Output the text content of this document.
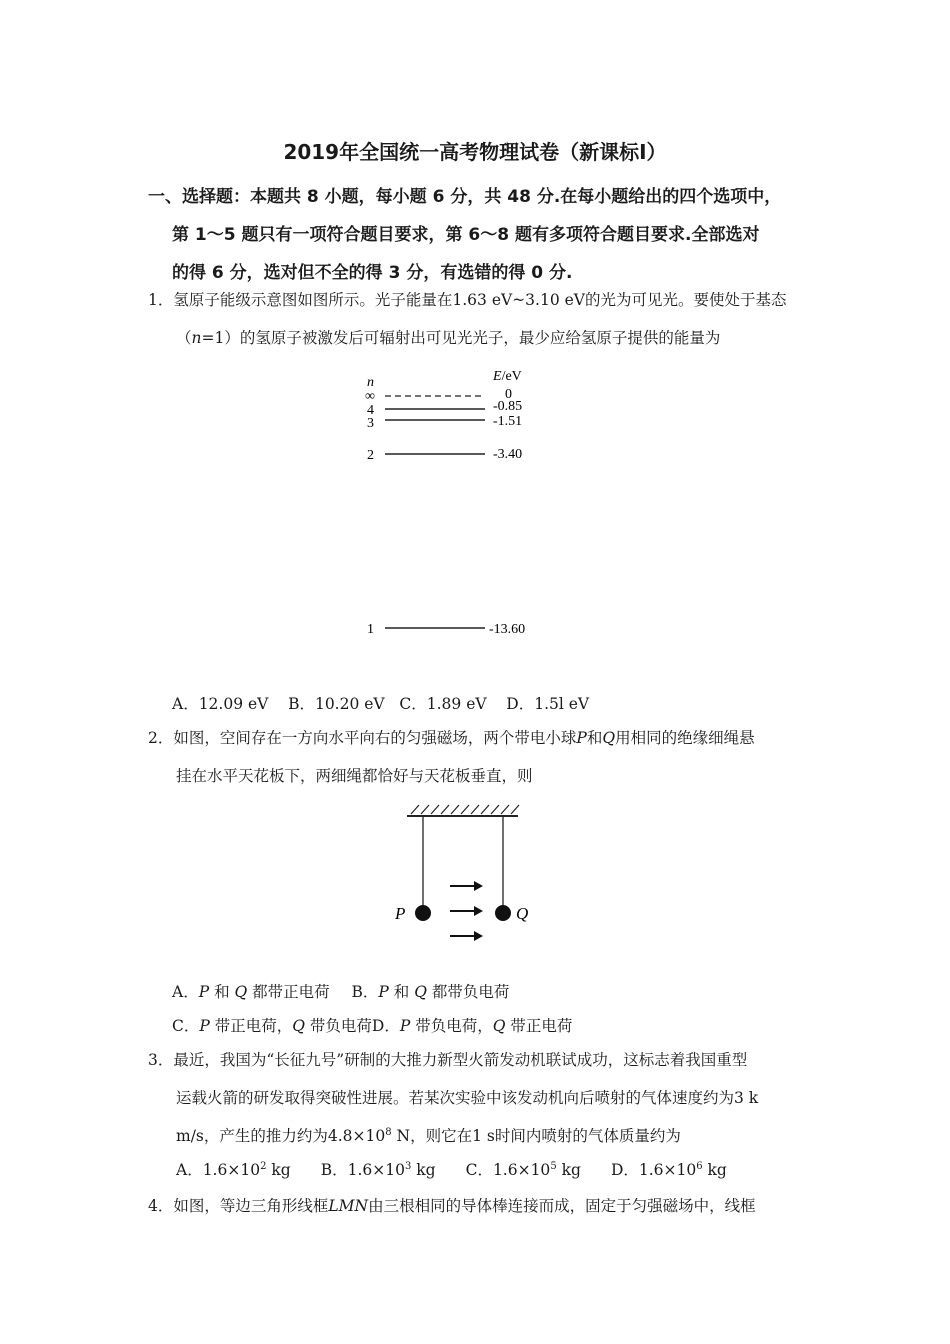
2019年全国统一高考物理试卷（新课标Ⅰ）
一、选择题：本题共 8 小题，每小题 6 分，共 48 分.在每小题给出的四个选项中，
第 1～5 题只有一项符合题目要求，第 6～8 题有多项符合题目要求.全部选对
的得 6 分，选对但不全的得 3 分，有选错的得 0 分.
1．氢原子能级示意图如图所示。光子能量在1.63 eV~3.10 eV的光为可见光。要使处于基态
（n=1）的氢原子被激发后可辐射出可见光光子，最少应给氢原子提供的能量为
n	E/eV
∞	0
4	-0.85
3	-1.51
2	-3.40
1	-13.60
A．12.09 eV    B．10.20 eV   C．1.89 eV    D．1.5l eV
2．如图，空间存在一方向水平向右的匀强磁场，两个带电小球P和Q用相同的绝缘细绳悬
挂在水平天花板下，两细绳都恰好与天花板垂直，则
P	Q
A．P 和 Q 都带正电荷 B．P 和 Q 都带负电荷
C．P 带正电荷，Q 带负电荷D．P 带负电荷，Q 带正电荷
3．最近，我国为“长征九号”研制的大推力新型火箭发动机联试成功，这标志着我国重型
运载火箭的研发取得突破性进展。若某次实验中该发动机向后喷射的气体速度约为3 k
m/s，产生的推力约为$4.8\times 10^8$ N，则它在1 s时间内喷射的气体质量约为
A．$1.6\times 10^2$ kg B．$1.6\times 10^3$ kg C．$1.6\times 10^5$ kg D．$1.6\times 10^6$ kg
4．如图，等边三角形线框LMN由三根相同的导体棒连接而成，固定于匀强磁场中，线框
